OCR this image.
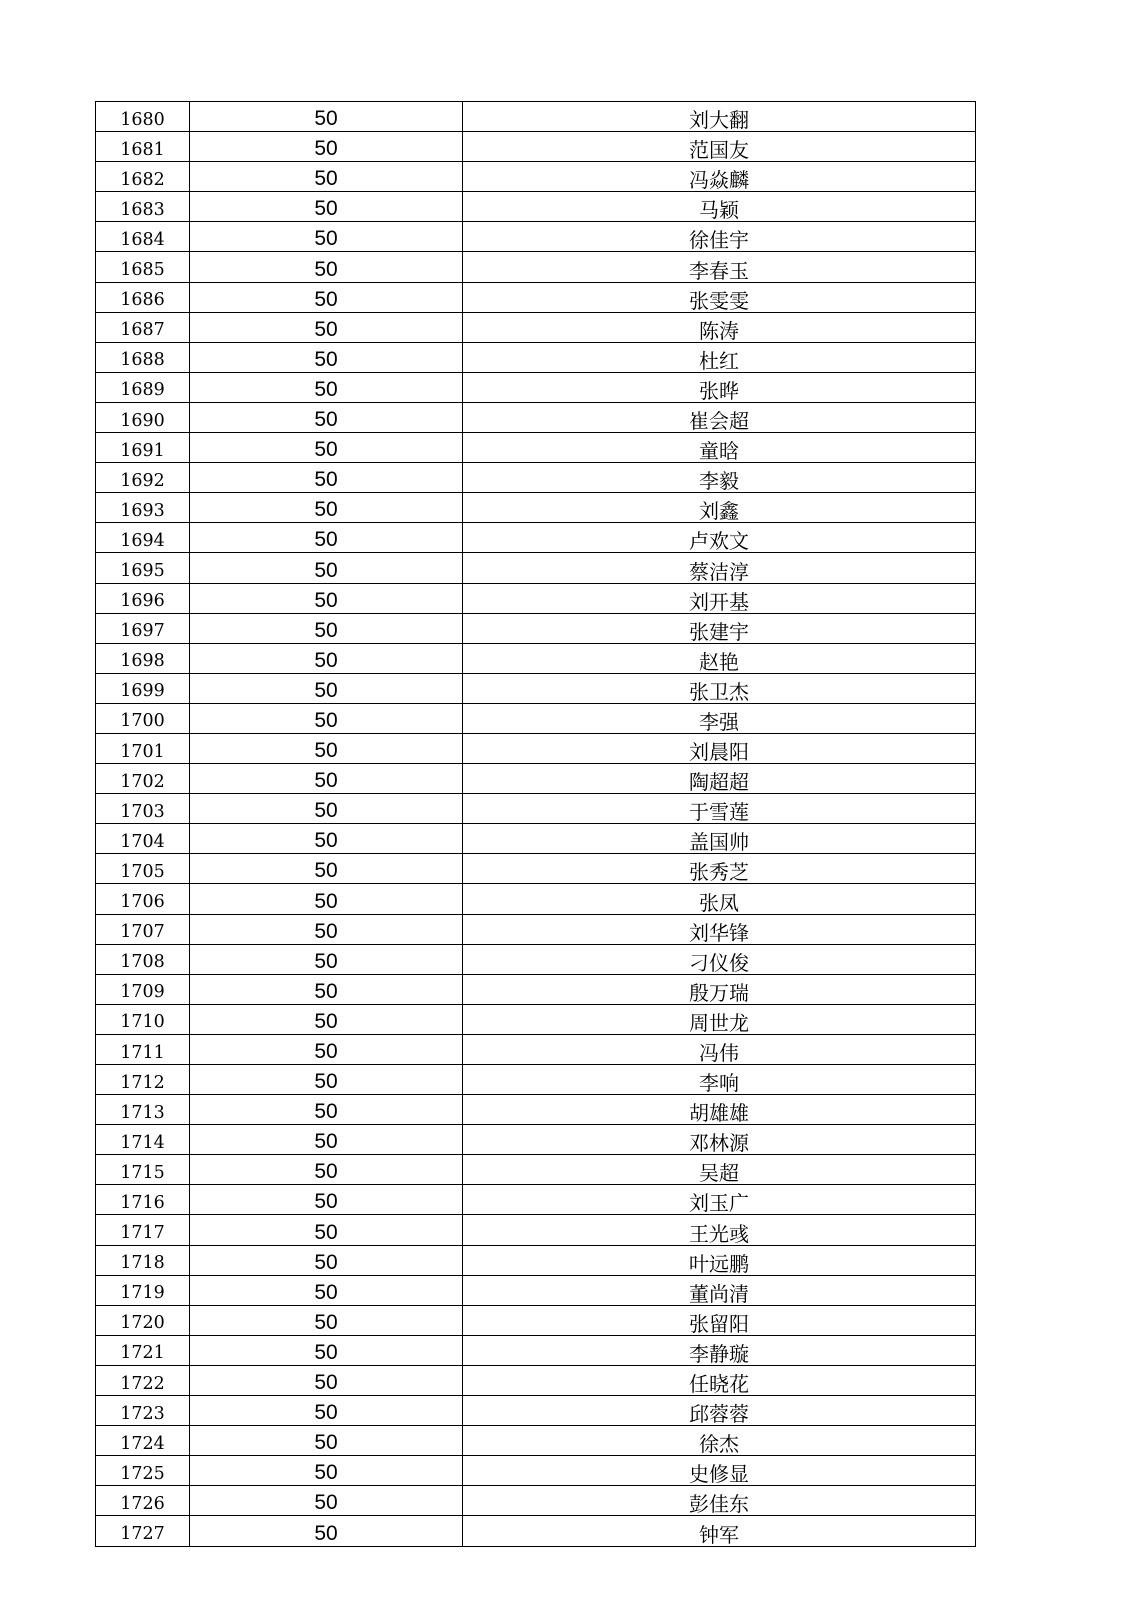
1680	50	刘大翻
1681	50	范国友
1682	50	冯焱麟
1683	50	马颖
1684	50	徐佳宇
1685	50	李春玉
1686	50	张雯雯
1687	50	陈涛
1688	50	杜红
1689	50	张晔
1690	50	崔会超
1691	50	童晗
1692	50	李毅
1693	50	刘鑫
1694	50	卢欢文
1695	50	蔡洁淳
1696	50	刘开基
1697	50	张建宇
1698	50	赵艳
1699	50	张卫杰
1700	50	李强
1701	50	刘晨阳
1702	50	陶超超
1703	50	于雪莲
1704	50	盖国帅
1705	50	张秀芝
1706	50	张凤
1707	50	刘华锋
1708	50	刁仪俊
1709	50	殷万瑞
1710	50	周世龙
1711	50	冯伟
1712	50	李响
1713	50	胡雄雄
1714	50	邓林源
1715	50	吴超
1716	50	刘玉广
1717	50	王光彧
1718	50	叶远鹏
1719	50	董尚清
1720	50	张留阳
1721	50	李静璇
1722	50	任晓花
1723	50	邱蓉蓉
1724	50	徐杰
1725	50	史修显
1726	50	彭佳东
1727	50	钟军
